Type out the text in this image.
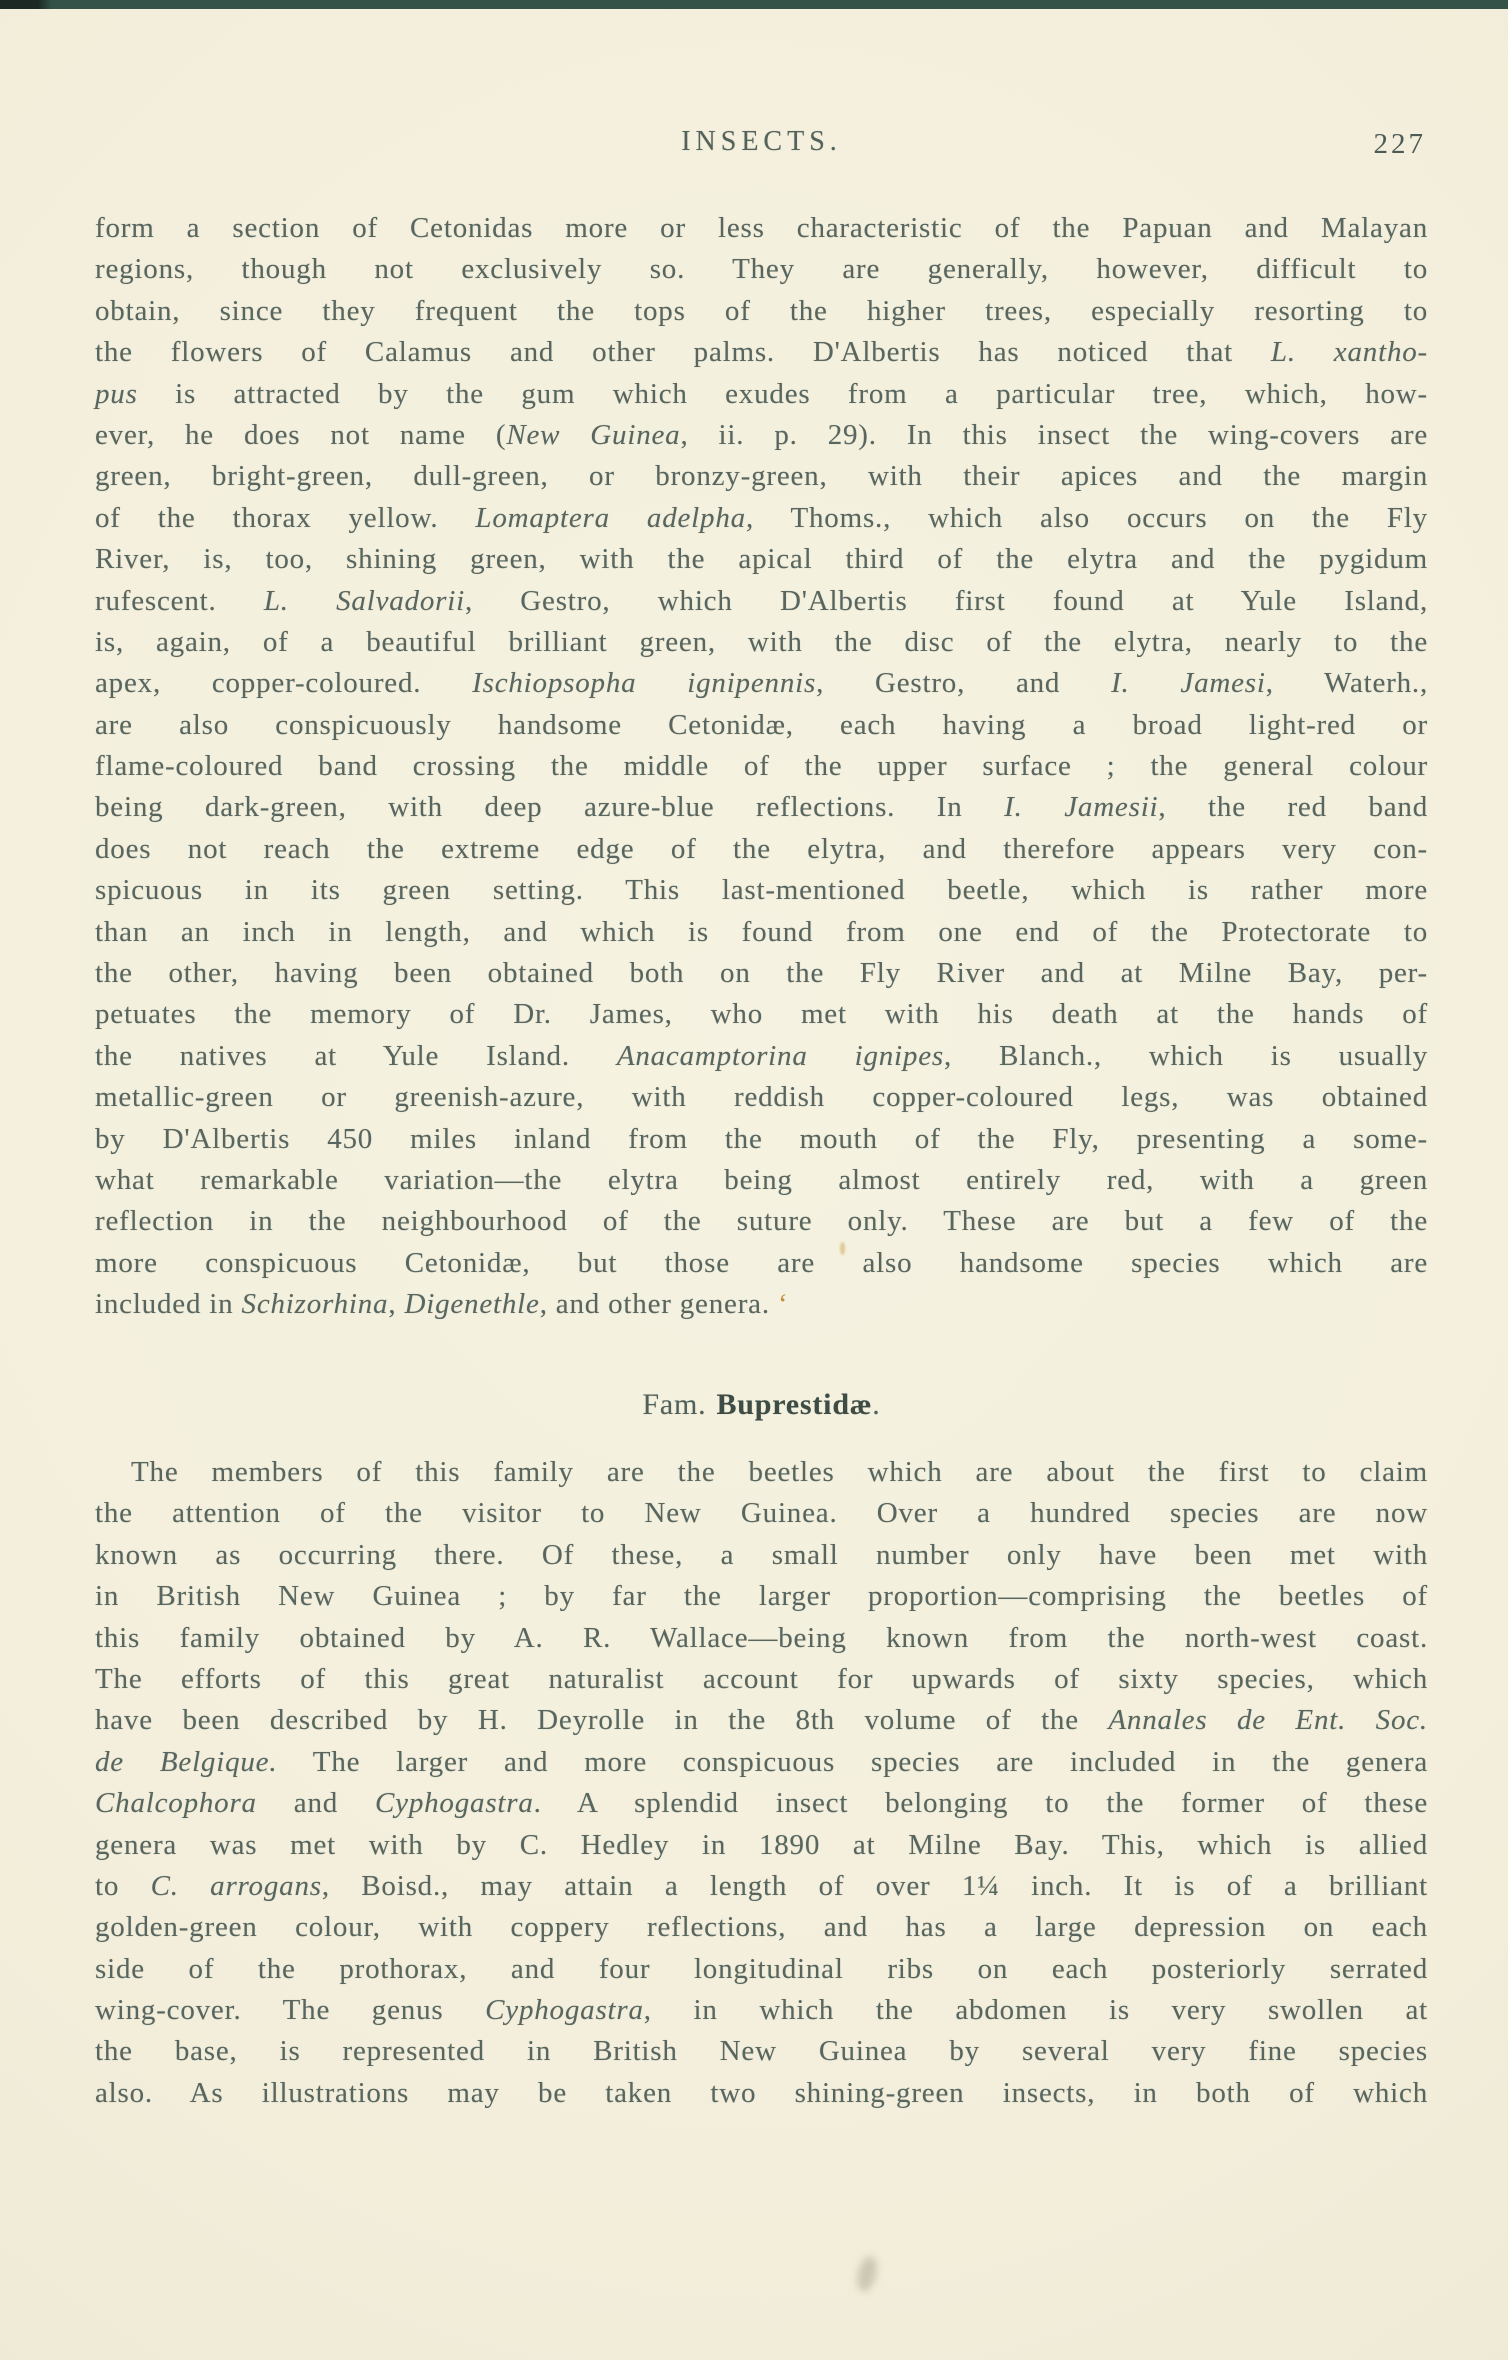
INSECTS.	227
form a section of Cetonidas more or less characteristic of the Papuan and Malayan
regions, though not exclusively so. They are generally, however, difficult to
obtain, since they frequent the tops of the higher trees, especially resorting to
the flowers of Calamus and other palms. D'Albertis has noticed that L. xantho-
pus is attracted by the gum which exudes from a particular tree, which, how-
ever, he does not name (New Guinea, ii. p. 29). In this insect the wing-covers are
green, bright-green, dull-green, or bronzy-green, with their apices and the margin
of the thorax yellow. Lomaptera adelpha, Thoms., which also occurs on the Fly
River, is, too, shining green, with the apical third of the elytra and the pygidum
rufescent. L. Salvadorii, Gestro, which D'Albertis first found at Yule Island,
is, again, of a beautiful brilliant green, with the disc of the elytra, nearly to the
apex, copper-coloured. Ischiopsopha ignipennis, Gestro, and I. Jamesi, Waterh.,
are also conspicuously handsome Cetonidæ, each having a broad light-red or
flame-coloured band crossing the middle of the upper surface ; the general colour
being dark-green, with deep azure-blue reflections. In I. Jamesii, the red band
does not reach the extreme edge of the elytra, and therefore appears very con-
spicuous in its green setting. This last-mentioned beetle, which is rather more
than an inch in length, and which is found from one end of the Protectorate to
the other, having been obtained both on the Fly River and at Milne Bay, per-
petuates the memory of Dr. James, who met with his death at the hands of
the natives at Yule Island. Anacamptorina ignipes, Blanch., which is usually
metallic-green or greenish-azure, with reddish copper-coloured legs, was obtained
by D'Albertis 450 miles inland from the mouth of the Fly, presenting a some-
what remarkable variation—the elytra being almost entirely red, with a green
reflection in the neighbourhood of the suture only. These are but a few of the
more conspicuous Cetonidæ, but those are also handsome species which are
included in Schizorhina, Digenethle, and other genera. ʻ
Fam. Buprestidæ.
The members of this family are the beetles which are about the first to claim
the attention of the visitor to New Guinea. Over a hundred species are now
known as occurring there. Of these, a small number only have been met with
in British New Guinea ; by far the larger proportion—comprising the beetles of
this family obtained by A. R. Wallace—being known from the north-west coast.
The efforts of this great naturalist account for upwards of sixty species, which
have been described by H. Deyrolle in the 8th volume of the Annales de Ent. Soc.
de Belgique. The larger and more conspicuous species are included in the genera
Chalcophora and Cyphogastra. A splendid insect belonging to the former of these
genera was met with by C. Hedley in 1890 at Milne Bay. This, which is allied
to C. arrogans, Boisd., may attain a length of over 1¼ inch. It is of a brilliant
golden-green colour, with coppery reflections, and has a large depression on each
side of the prothorax, and four longitudinal ribs on each posteriorly serrated
wing-cover. The genus Cyphogastra, in which the abdomen is very swollen at
the base, is represented in British New Guinea by several very fine species
also. As illustrations may be taken two shining-green insects, in both of which
